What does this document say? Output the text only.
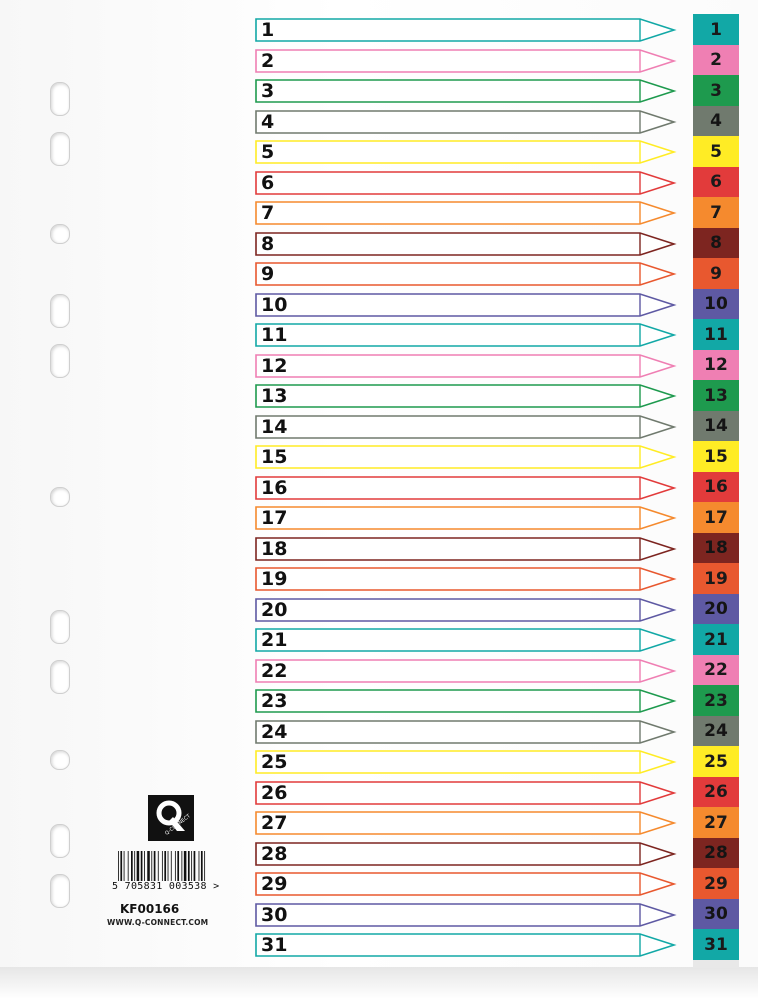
1
2
3
4
5
6
7
8
9
10
11
12
13
14
15
16
17
18
19
20
21
22
23
24
25
26
27
28
29
30
31
1
2
3
4
5
6
7
8
9
10
11
12
13
14
15
16
17
18
19
20
21
22
23
24
25
26
27
28
29
30
31
Q-CONNECT
5 705831 003538 >
KF00166
WWW.Q-CONNECT.COM
